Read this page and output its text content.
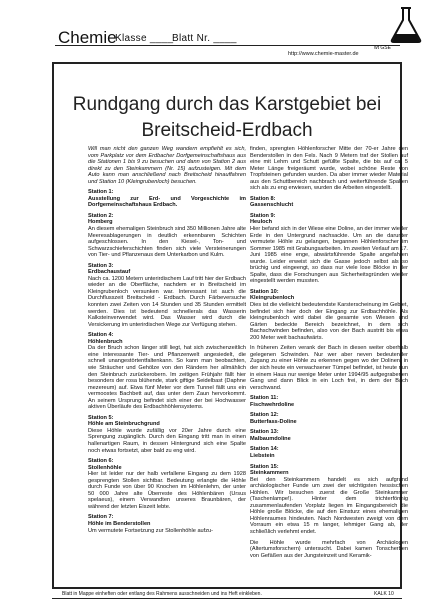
Chemie
Klasse ____
Blatt Nr. ____
wt GSE
http://www.chemie-master.de
Rundgang durch das Karstgebiet bei
Breitscheid-Erdbach

Will man nicht den ganzen Weg wandern empfiehlt es sich, vom Parkplatz vor dem Erdbacher Dorfgemeinschaftshaus aus die Stationen 1 bis 9 zu besuchen und dann von Station 2 aus direkt zu den Steinkammern (Nr. 15) aufzusteigen. Mit dem Auto kann man anschließend nach Breitscheid hinauffahren und Station 10 (Kleingrubenloch) besuchen.

Station 1:

Ausstellung zur Erd- und Vorgeschichte im Dorfgemeinschaftshaus Erdbach.

Station 2:

Homberg

An diesem ehemaligen Steinbruch sind 350 Millionen Jahre alte Meeresablagerungen in deutlich erkennbaren Schichten aufgeschlossen. In den Kiesel-, Ton- und Schwarzschieferschichten finden sich viele Versteinerungen von Tier- und Pflanzenaus dem Unterkarbon und Kulm.

Station 3:

Erdbachaustauf

Nach ca. 1200 Metern unterirdischem Lauf tritt hier der Erdbach wieder an die Oberfläche, nachdem er in Breitscheid im Kleingrubenloch versunken war. Interessant ist auch die Durchflusszeit Breitscheid - Erdbach. Durch Färbeversuche konnten zwei Zeiten von 14 Stunden und 35 Stunden ermittelt werden. Dies ist bedeutend schnellerals das Wasserin Kalksteinverwendet wird. Das Wasser wird durch die Versickerung im unterirdischen Wege zur Verfügung stehen.

Station 4:

Höhlenbruch

Da der Bruch schon länger still liegt, hat sich zwischenzeitlich eine interessante Tier- und Pflanzenwelt angesiedelt, die schnell unangestörtentfaltenkann. So kann man beobachten, wie Sträucher und Gehölze von den Rändern her allmählich den Steinbruch zurückerobern. Im zeitigen Frühjahr fällt hier besonders der rosa blühende, stark giftige Seidelbast (Daphne mezereum) auf. Etwa fünf Meter vor dem Tunnel fällt uns ein vermoostes Bachbett auf, das unter dem Zaun hervorkommt. An seinem Ursprung befindet sich einer der bei Hochwasser aktiven Überläufe des Erdbachhöhlensystems.

Station 5:

Höhle am Steinbruchgrund

Diese Höhle wurde zufällig vor 20er Jahre durch eine Sprengung zugänglich. Durch den Eingang tritt man in einen hallenartigen Raum, in dessen Hintergrund sich eine Spalte noch etwas fortsetzt, aber bald zu eng wird.

Station 6:

Stollenhöhle

Hier ist leider nur der halb verfallene Eingang zu dem 1928 gesprengten Stollen sichtbar. Bedeutung erlangte die Höhle durch Funde von über 90 Knochen im Höhlenlehm, der unter 50 000 Jahre alte Überreste des Höhlenbären (Ursus spelaeus), einem Verwandten unseres Braunbären, der während der letzten Eiszeit lebte.

Station 7:

Höhle im Benderstollen

Um vermutete Fortsetzung zur Stollenhöhle aufzu-

finden, sprengten Höhlenforscher Mitte der 70-er Jahre den Benderstollen in den Fels. Nach 9 Metern traf der Stollen auf eine mit Lehm und Schutt gefüllte Spalte, die bis auf ca. 5 Meter Länge freigeräumt wurde, wobei schöne Reste von Tropfsteinen gefunden wurden. Da aber immer wieder Material aus den Schuttbereich nachbrach und weiterführende Spalten sich als zu eng erwiesen, wurden die Arbeiten eingestellt.

Station 8:

Gassenschlucht

Station 9:

Heuloch

Hier befand sich in der Wiese eine Doline, an der immer wieder Erde in den Untergrund nachsackte. Um an die darunter vermutete Höhle zu gelangen, begannen Höhlenforscher im Sommer 1985 mit Grabungsarbeiten. Im zweiten Verlauf am 17. Juni 1985 eine enge, abwärtsführende Spalte angefahren wurde. Leider erweist sich die Gasse jedoch selbst als so brüchig und eingeengt, so dass nur viele lose Blöcke in der Spalte, dass die Forschungen aus Sicherheitsgründen wieder eingestellt werden mussten.

Station 10:

Kleingrubenloch

Dies ist die vielleicht bedeutendste Karsterscheinung im Gebiet, befindet sich hier doch der Eingang zur Erdbachhöhle. Als kleingrubenloch wird dabei die gesamte von Wiesen und Gärten bedeckte Bereich bezeichnet, in dem sich Bachschwinden befinden, also von der Bach austritt bis etwa 200 Meter weit bachaufwärts.

In früheren Zeiten verank der Bach in diesen weiter oberhalb gelegenen Schwinden. Nur wer aber neven bedeutender Zugang zu einer Höhle zu erkennen gegen wo der Dolinen, in der sich heute ein verwachsener Tümpel befindet, ist heute nun in einem Haus nur wenige Meter unter 1994/95 aufgegrabenen Gang und dann Blick in ein Loch frei, in dem der Bach verschwand.

Station 11:

Fischwehrdoline

Station 12:

Butterfass-Doline

Station 13:

Malbaumdoline

Station 14:

Liebstein

Station 15:

Steinkammern

Bei den Steinkammern handelt es sich aufgrund archäologischer Funde um zwei der wichtigsten hessischen Höhlen. Wir besuchen zuerst die Große Steinkammer (Taschenlampe!). Hinter dem trichterförmig zusammenlaufenden Vorplatz liegen im Eingangsbereich die Höhle große Blöcke, die auf den Einsturz eines ehemaligen Höhlenraumes hindeuten. Nach Nordwesten zweigt von dem Vorraum ein etwa 15 m langer, lehmiger Gang ab, der schließlich verlehmt endet.

Die Höhle wurde mehrfach von Archäologen (Altertumsforschern) untersucht. Dabei kamen Tonscherben von Gefäßen aus der Jungsteinzeit und Keramik-

Blatt in Mappe einheften oder entlang des Rahmens ausschneiden und ins Heft einkleben.	KALK 10
